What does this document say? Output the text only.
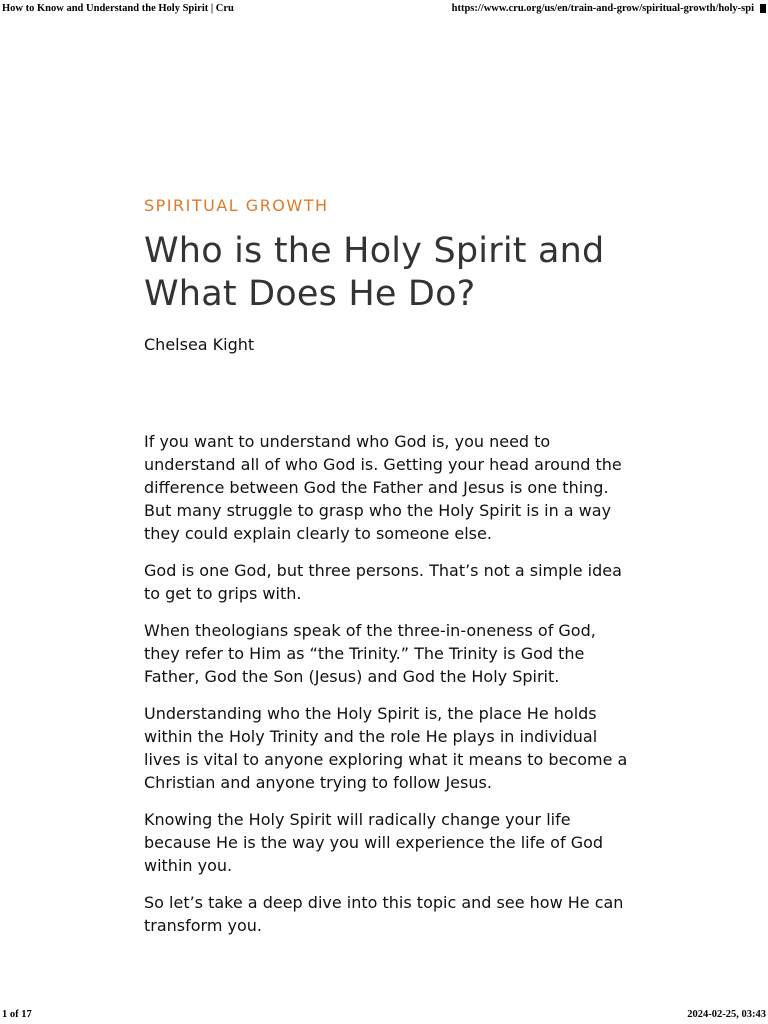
How to Know and Understand the Holy Spirit | Cru	https://www.cru.org/us/en/train-and-grow/spiritual-growth/holy-spi
SPIRITUAL GROWTH
Who is the Holy Spirit and What Does He Do?
Chelsea Kight

If you want to understand who God is, you need to understand all of who God is. Getting your head around the difference between God the Father and Jesus is one thing. But many struggle to grasp who the Holy Spirit is in a way they could explain clearly to someone else.

God is one God, but three persons. That’s not a simple idea to get to grips with.

When theologians speak of the three-in-oneness of God, they refer to Him as “the Trinity.” The Trinity is God the Father, God the Son (Jesus) and God the Holy Spirit.

Understanding who the Holy Spirit is, the place He holds within the Holy Trinity and the role He plays in individual lives is vital to anyone exploring what it means to become a Christian and anyone trying to follow Jesus.

Knowing the Holy Spirit will radically change your life because He is the way you will experience the life of God within you.

So let’s take a deep dive into this topic and see how He can transform you.

1 of 17	2024-02-25, 03:43
